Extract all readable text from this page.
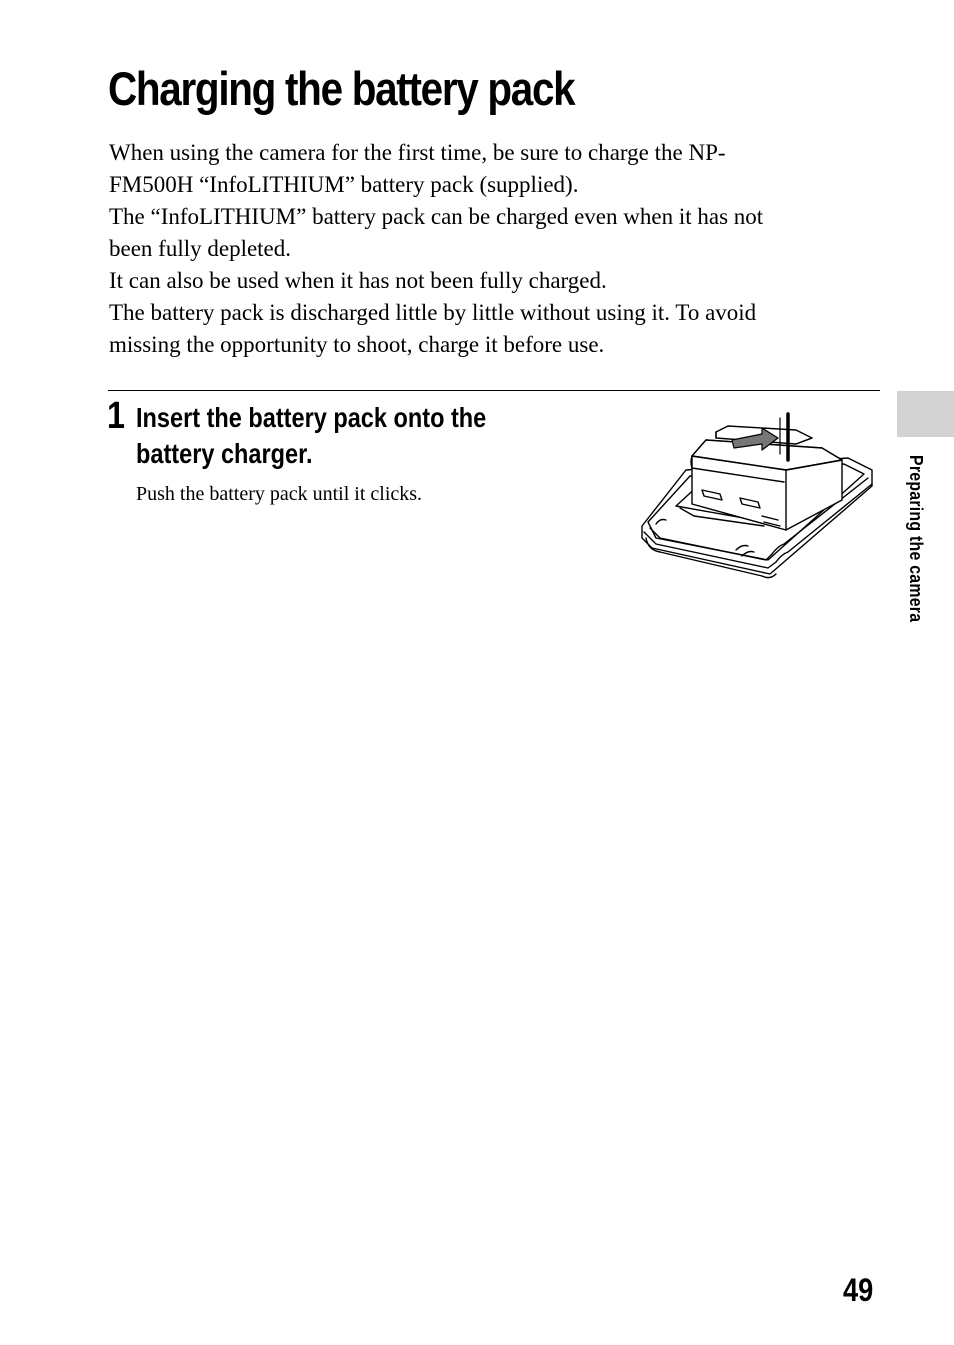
Charging the battery pack

When using the camera for the first time, be sure to charge the NP-

FM500H “InfoLITHIUM” battery pack (supplied).

The “InfoLITHIUM” battery pack can be charged even when it has not

been fully depleted.

It can also be used when it has not been fully charged.

The battery pack is discharged little by little without using it. To avoid

missing the opportunity to shoot, charge it before use.

1 Insert the battery pack onto the
battery charger.

Push the battery pack until it clicks.	Preparing the camera
49
